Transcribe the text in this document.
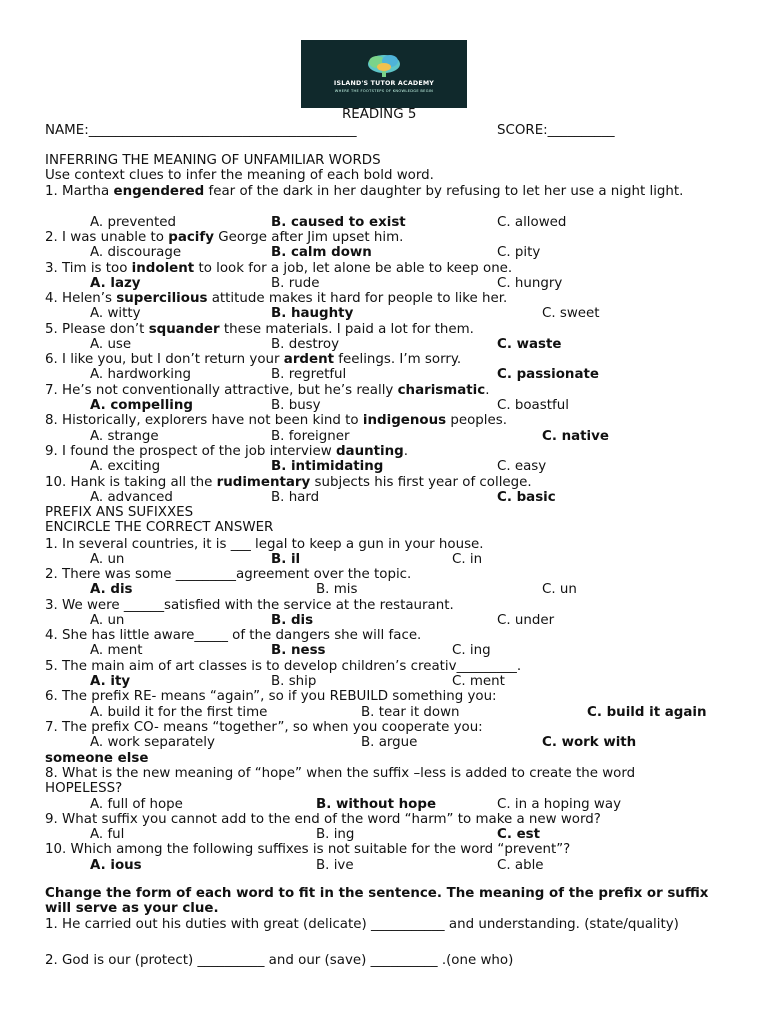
ISLAND'S TUTOR ACADEMY
WHERE THE FOOTSTEPS OF KNOWLEDGE BEGIN
READING 5
NAME:________________________________________	SCORE:__________
INFERRING THE MEANING OF UNFAMILIAR WORDS
Use context clues to infer the meaning of each bold word.
1. Martha engendered fear of the dark in her daughter by refusing to let her use a night light.
A. prevented	B. caused to exist	C. allowed
2. I was unable to pacify George after Jim upset him.
A. discourage	B. calm down	C. pity
3. Tim is too indolent to look for a job, let alone be able to keep one.
A. lazy	B. rude	C. hungry
4. Helen’s supercilious attitude makes it hard for people to like her.
A. witty	B. haughty	C. sweet
5. Please don’t squander these materials. I paid a lot for them.
A. use	B. destroy	C. waste
6. I like you, but I don’t return your ardent feelings. I’m sorry.
A. hardworking	B. regretful	C. passionate
7. He’s not conventionally attractive, but he’s really charismatic.
A. compelling	B. busy	C. boastful
8. Historically, explorers have not been kind to indigenous peoples.
A. strange	B. foreigner	C. native
9. I found the prospect of the job interview daunting.
A. exciting	B. intimidating	C. easy
10. Hank is taking all the rudimentary subjects his first year of college.
A. advanced	B. hard	C. basic
PREFIX ANS SUFIXXES
ENCIRCLE THE CORRECT ANSWER
1. In several countries, it is ___ legal to keep a gun in your house.
A. un	B. il	C. in
2. There was some _________agreement over the topic.
A. dis	B. mis	C. un
3. We were ______satisfied with the service at the restaurant.
A. un	B. dis	C. under
4. She has little aware_____ of the dangers she will face.
A. ment	B. ness	C. ing
5. The main aim of art classes is to develop children’s creativ_________.
A. ity	B. ship	C. ment
6. The prefix RE- means “again”, so if you REBUILD something you:
A. build it for the first time	B. tear it down	C. build it again
7. The prefix CO- means “together”, so when you cooperate you:
A. work separately	B. argue	C. work with
someone else
8. What is the new meaning of “hope” when the suffix –less is added to create the word
HOPELESS?
A. full of hope	B. without hope	C. in a hoping way
9. What suffix you cannot add to the end of the word “harm” to make a new word?
A. ful	B. ing	C. est
10. Which among the following suffixes is not suitable for the word “prevent”?
A. ious	B. ive	C. able
Change the form of each word to fit in the sentence. The meaning of the prefix or suffix will serve as your clue.
1. He carried out his duties with great (delicate) ___________ and understanding. (state/quality)
2. God is our (protect) __________ and our (save) __________ .(one who)
